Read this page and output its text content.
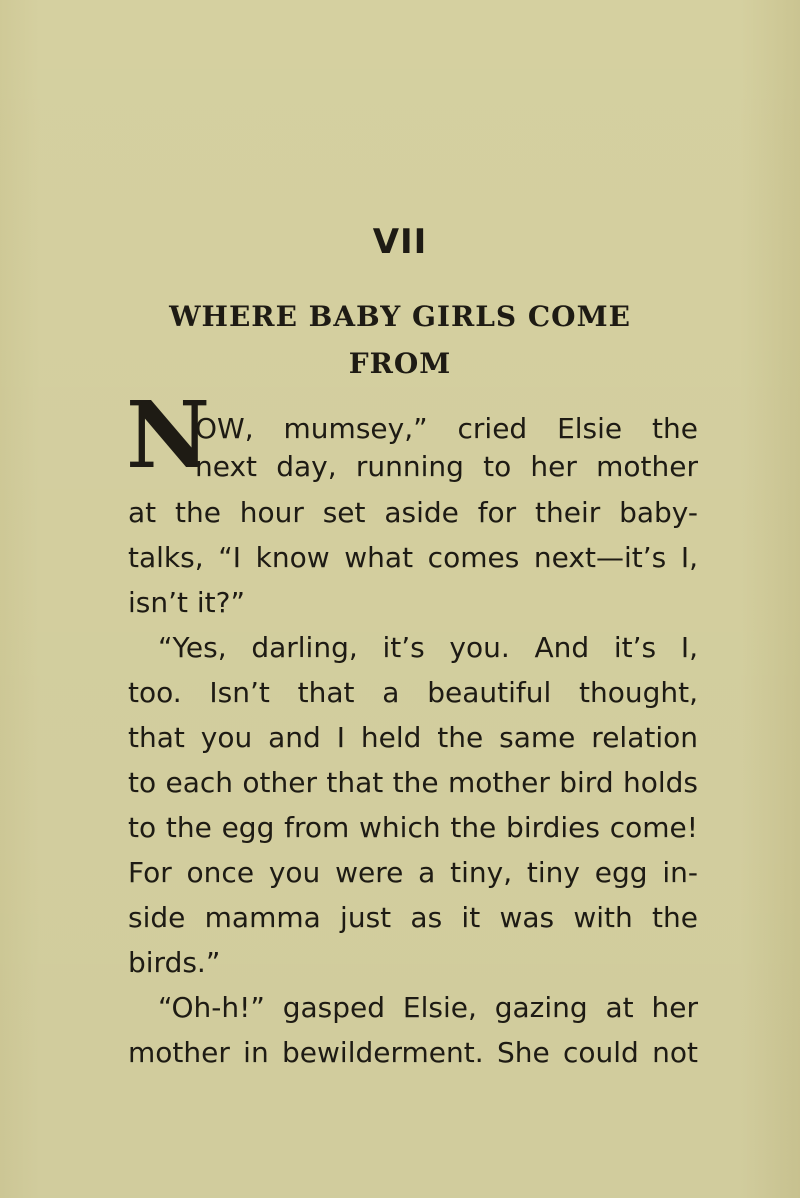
VII
WHERE BABY GIRLS COME
FROM
N
OW, mumsey,” cried Elsie the
next day, running to her mother
at the hour set aside for their baby-
talks, “I know what comes next—it’s I,
isn’t it?”
“Yes, darling, it’s you. And it’s I,
too. Isn’t that a beautiful thought,
that you and I held the same relation
to each other that the mother bird holds
to the egg from which the birdies come!
For once you were a tiny, tiny egg in-
side mamma just as it was with the
birds.”
“Oh-h!” gasped Elsie, gazing at her
mother in bewilderment. She could not
